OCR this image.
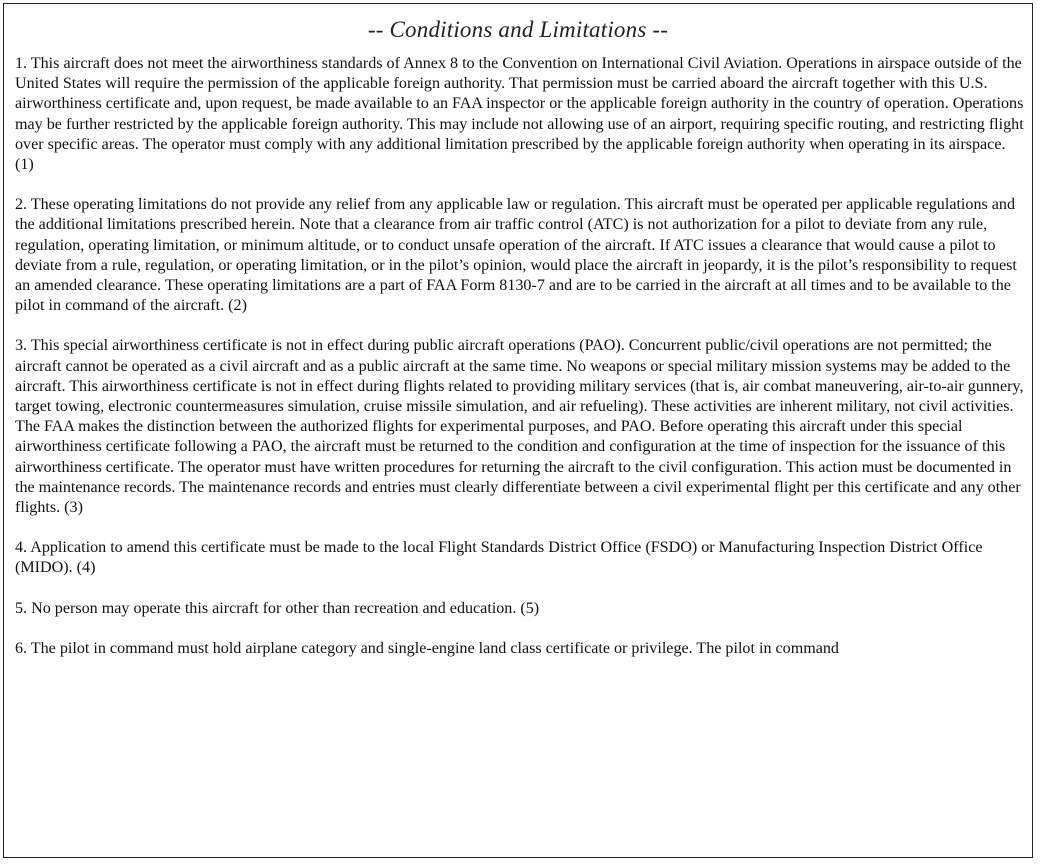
-- Conditions and Limitations --

1. This aircraft does not meet the airworthiness standards of Annex 8 to the Convention on International Civil Aviation. Operations in airspace outside of the United States will require the permission of the applicable foreign authority. That permission must be carried aboard the aircraft together with this U.S. airworthiness certificate and, upon request, be made available to an FAA inspector or the applicable foreign authority in the country of operation. Operations may be further restricted by the applicable foreign authority. This may include not allowing use of an airport, requiring specific routing, and restricting flight over specific areas. The operator must comply with any additional limitation prescribed by the applicable foreign authority when operating in its airspace. (1)

2. These operating limitations do not provide any relief from any applicable law or regulation. This aircraft must be operated per applicable regulations and the additional limitations prescribed herein. Note that a clearance from air traffic control (ATC) is not authorization for a pilot to deviate from any rule, regulation, operating limitation, or minimum altitude, or to conduct unsafe operation of the aircraft. If ATC issues a clearance that would cause a pilot to deviate from a rule, regulation, or operating limitation, or in the pilot’s opinion, would place the aircraft in jeopardy, it is the pilot’s responsibility to request an amended clearance. These operating limitations are a part of FAA Form 8130-7 and are to be carried in the aircraft at all times and to be available to the pilot in command of the aircraft. (2)

3. This special airworthiness certificate is not in effect during public aircraft operations (PAO). Concurrent public/civil operations are not permitted; the aircraft cannot be operated as a civil aircraft and as a public aircraft at the same time. No weapons or special military mission systems may be added to the aircraft. This airworthiness certificate is not in effect during flights related to providing military services (that is, air combat maneuvering, air-to-air gunnery, target towing, electronic countermeasures simulation, cruise missile simulation, and air refueling). These activities are inherent military, not civil activities. The FAA makes the distinction between the authorized flights for experimental purposes, and PAO. Before operating this aircraft under this special airworthiness certificate following a PAO, the aircraft must be returned to the condition and configuration at the time of inspection for the issuance of this airworthiness certificate. The operator must have written procedures for returning the aircraft to the civil configuration. This action must be documented in the maintenance records. The maintenance records and entries must clearly differentiate between a civil experimental flight per this certificate and any other flights. (3)

4. Application to amend this certificate must be made to the local Flight Standards District Office (FSDO) or Manufacturing Inspection District Office (MIDO). (4)

5. No person may operate this aircraft for other than recreation and education. (5)

6. The pilot in command must hold airplane category and single-engine land class certificate or privilege. The pilot in command
